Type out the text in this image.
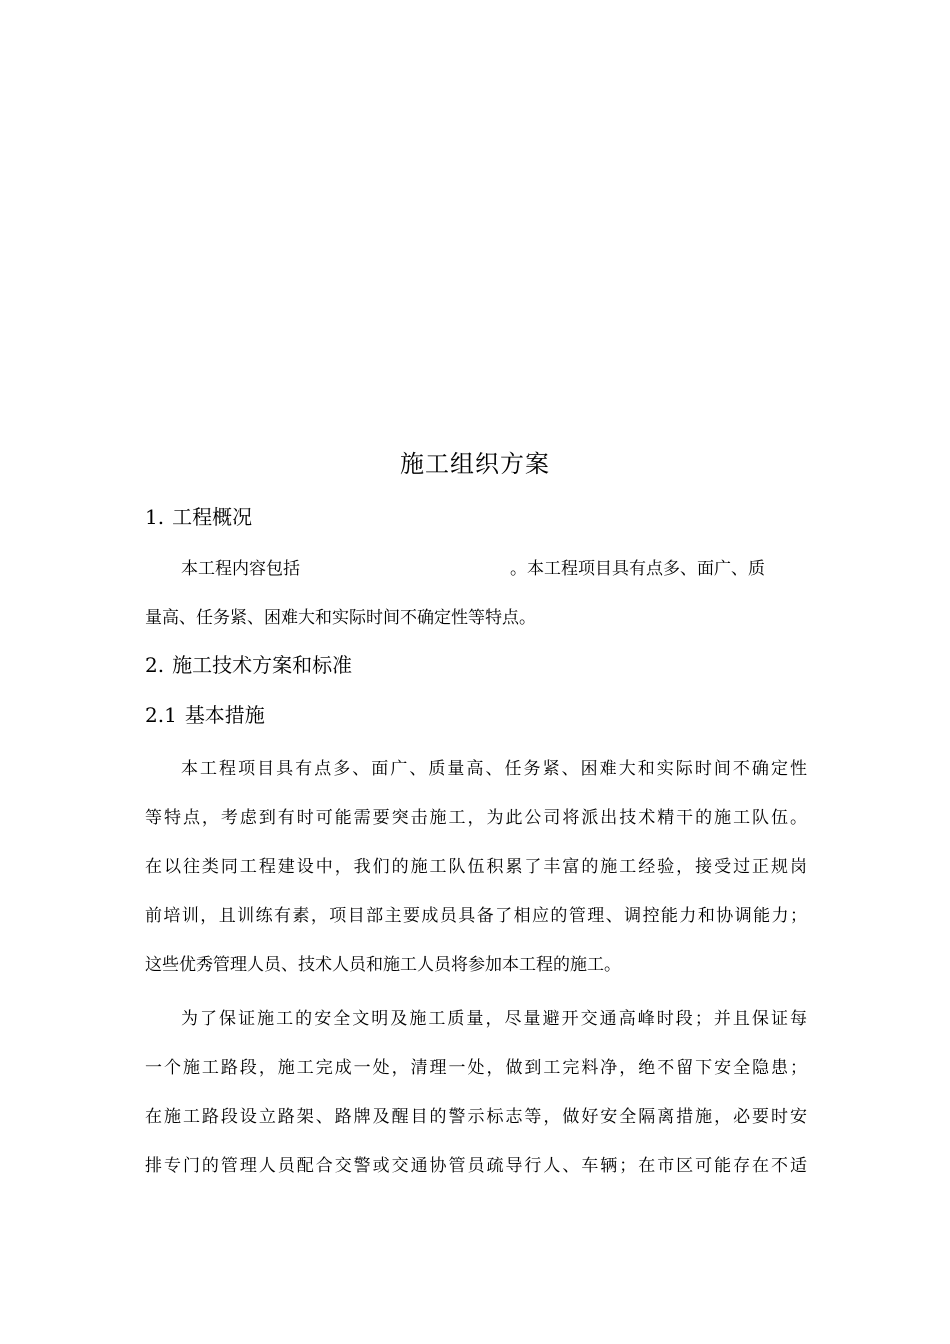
施工组织方案
1. 工程概况
本工程内容包括	。本工程项目具有点多、面广、质
量高、任务紧、困难大和实际时间不确定性等特点。
2. 施工技术方案和标准
2.1 基本措施
本工程项目具有点多、面广、质量高、任务紧、困难大和实际时间不确定性
等特点，考虑到有时可能需要突击施工，为此公司将派出技术精干的施工队伍。
在以往类同工程建设中，我们的施工队伍积累了丰富的施工经验，接受过正规岗
前培训，且训练有素，项目部主要成员具备了相应的管理、调控能力和协调能力；
这些优秀管理人员、技术人员和施工人员将参加本工程的施工。
为了保证施工的安全文明及施工质量，尽量避开交通高峰时段；并且保证每
一个施工路段，施工完成一处，清理一处，做到工完料净，绝不留下安全隐患；
在施工路段设立路架、路牌及醒目的警示标志等，做好安全隔离措施，必要时安
排专门的管理人员配合交警或交通协管员疏导行人、车辆；在市区可能存在不适
